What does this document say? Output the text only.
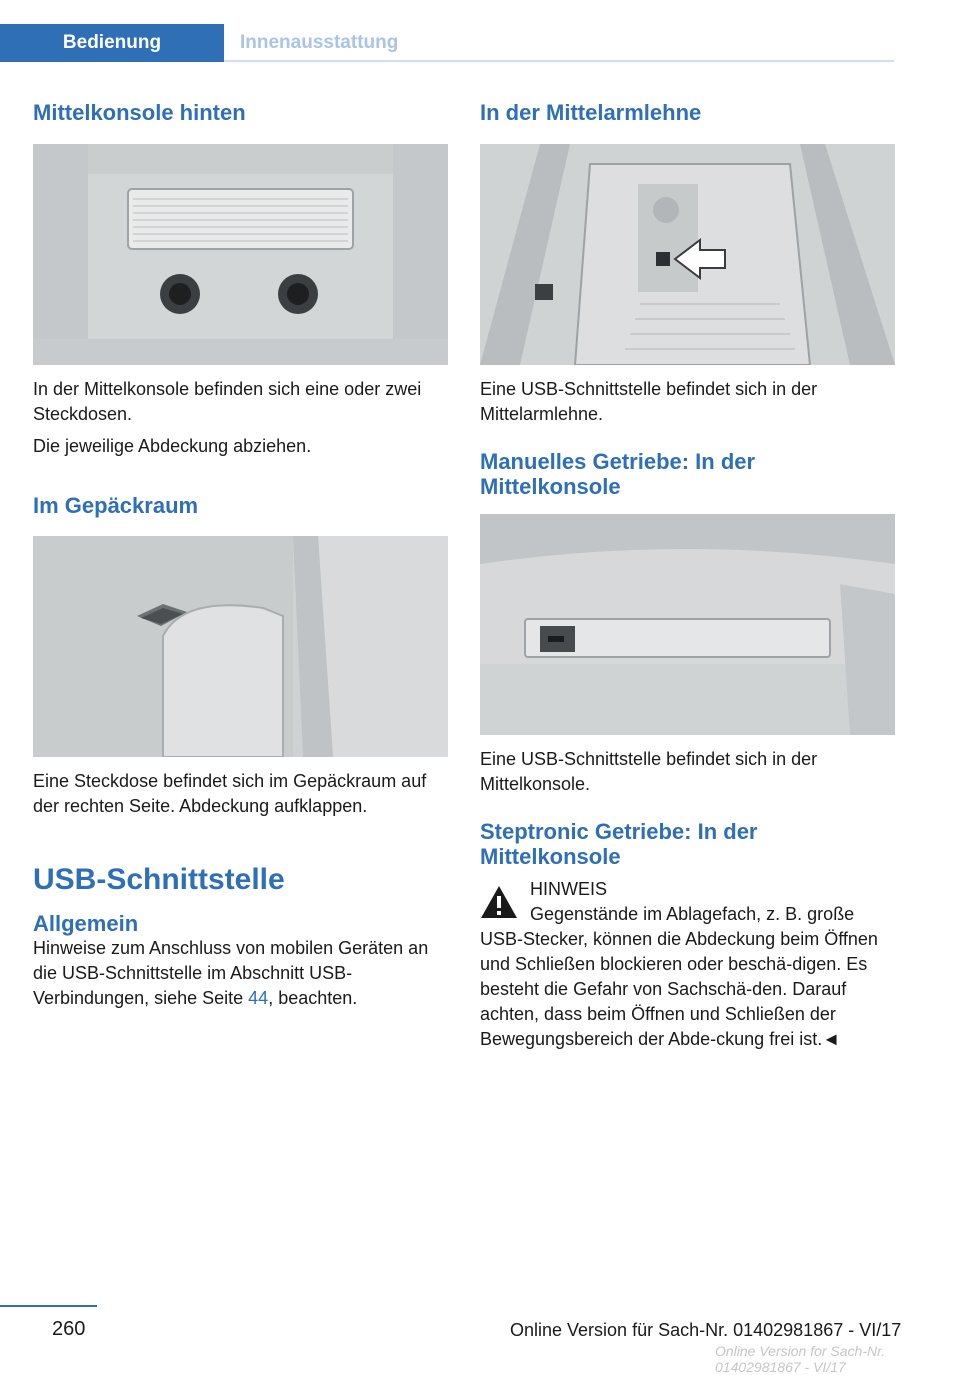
Bedienung	Innenausstattung
Mittelkonsole hinten

In der Mittelkonsole befinden sich eine oder zwei Steckdosen.

Die jeweilige Abdeckung abziehen.

Im Gepäckraum

Eine Steckdose befindet sich im Gepäckraum auf der rechten Seite. Abdeckung aufklappen.

USB-Schnittstelle
Allgemein

Hinweise zum Anschluss von mobilen Geräten an die USB-Schnittstelle im Abschnitt USB-Verbindungen, siehe Seite 44, beachten.

In der Mittelarmlehne

Eine USB-Schnittstelle befindet sich in der Mittelarmlehne.

Manuelles Getriebe: In der Mittelkonsole

Eine USB-Schnittstelle befindet sich in der Mittelkonsole.

Steptronic Getriebe: In der Mittelkonsole

HINWEIS

Gegenstände im Ablagefach, z. B. große

USB-Stecker, können die Abdeckung beim Öffnen und Schließen blockieren oder beschä-digen. Es besteht die Gefahr von Sachschä-den. Darauf achten, dass beim Öffnen und Schließen der Bewegungsbereich der Abde-ckung frei ist.◄

260	Online Version für Sach-Nr. 01402981867 - VI/17
Online Version for Sach-Nr. 01402981867 - VI/17
